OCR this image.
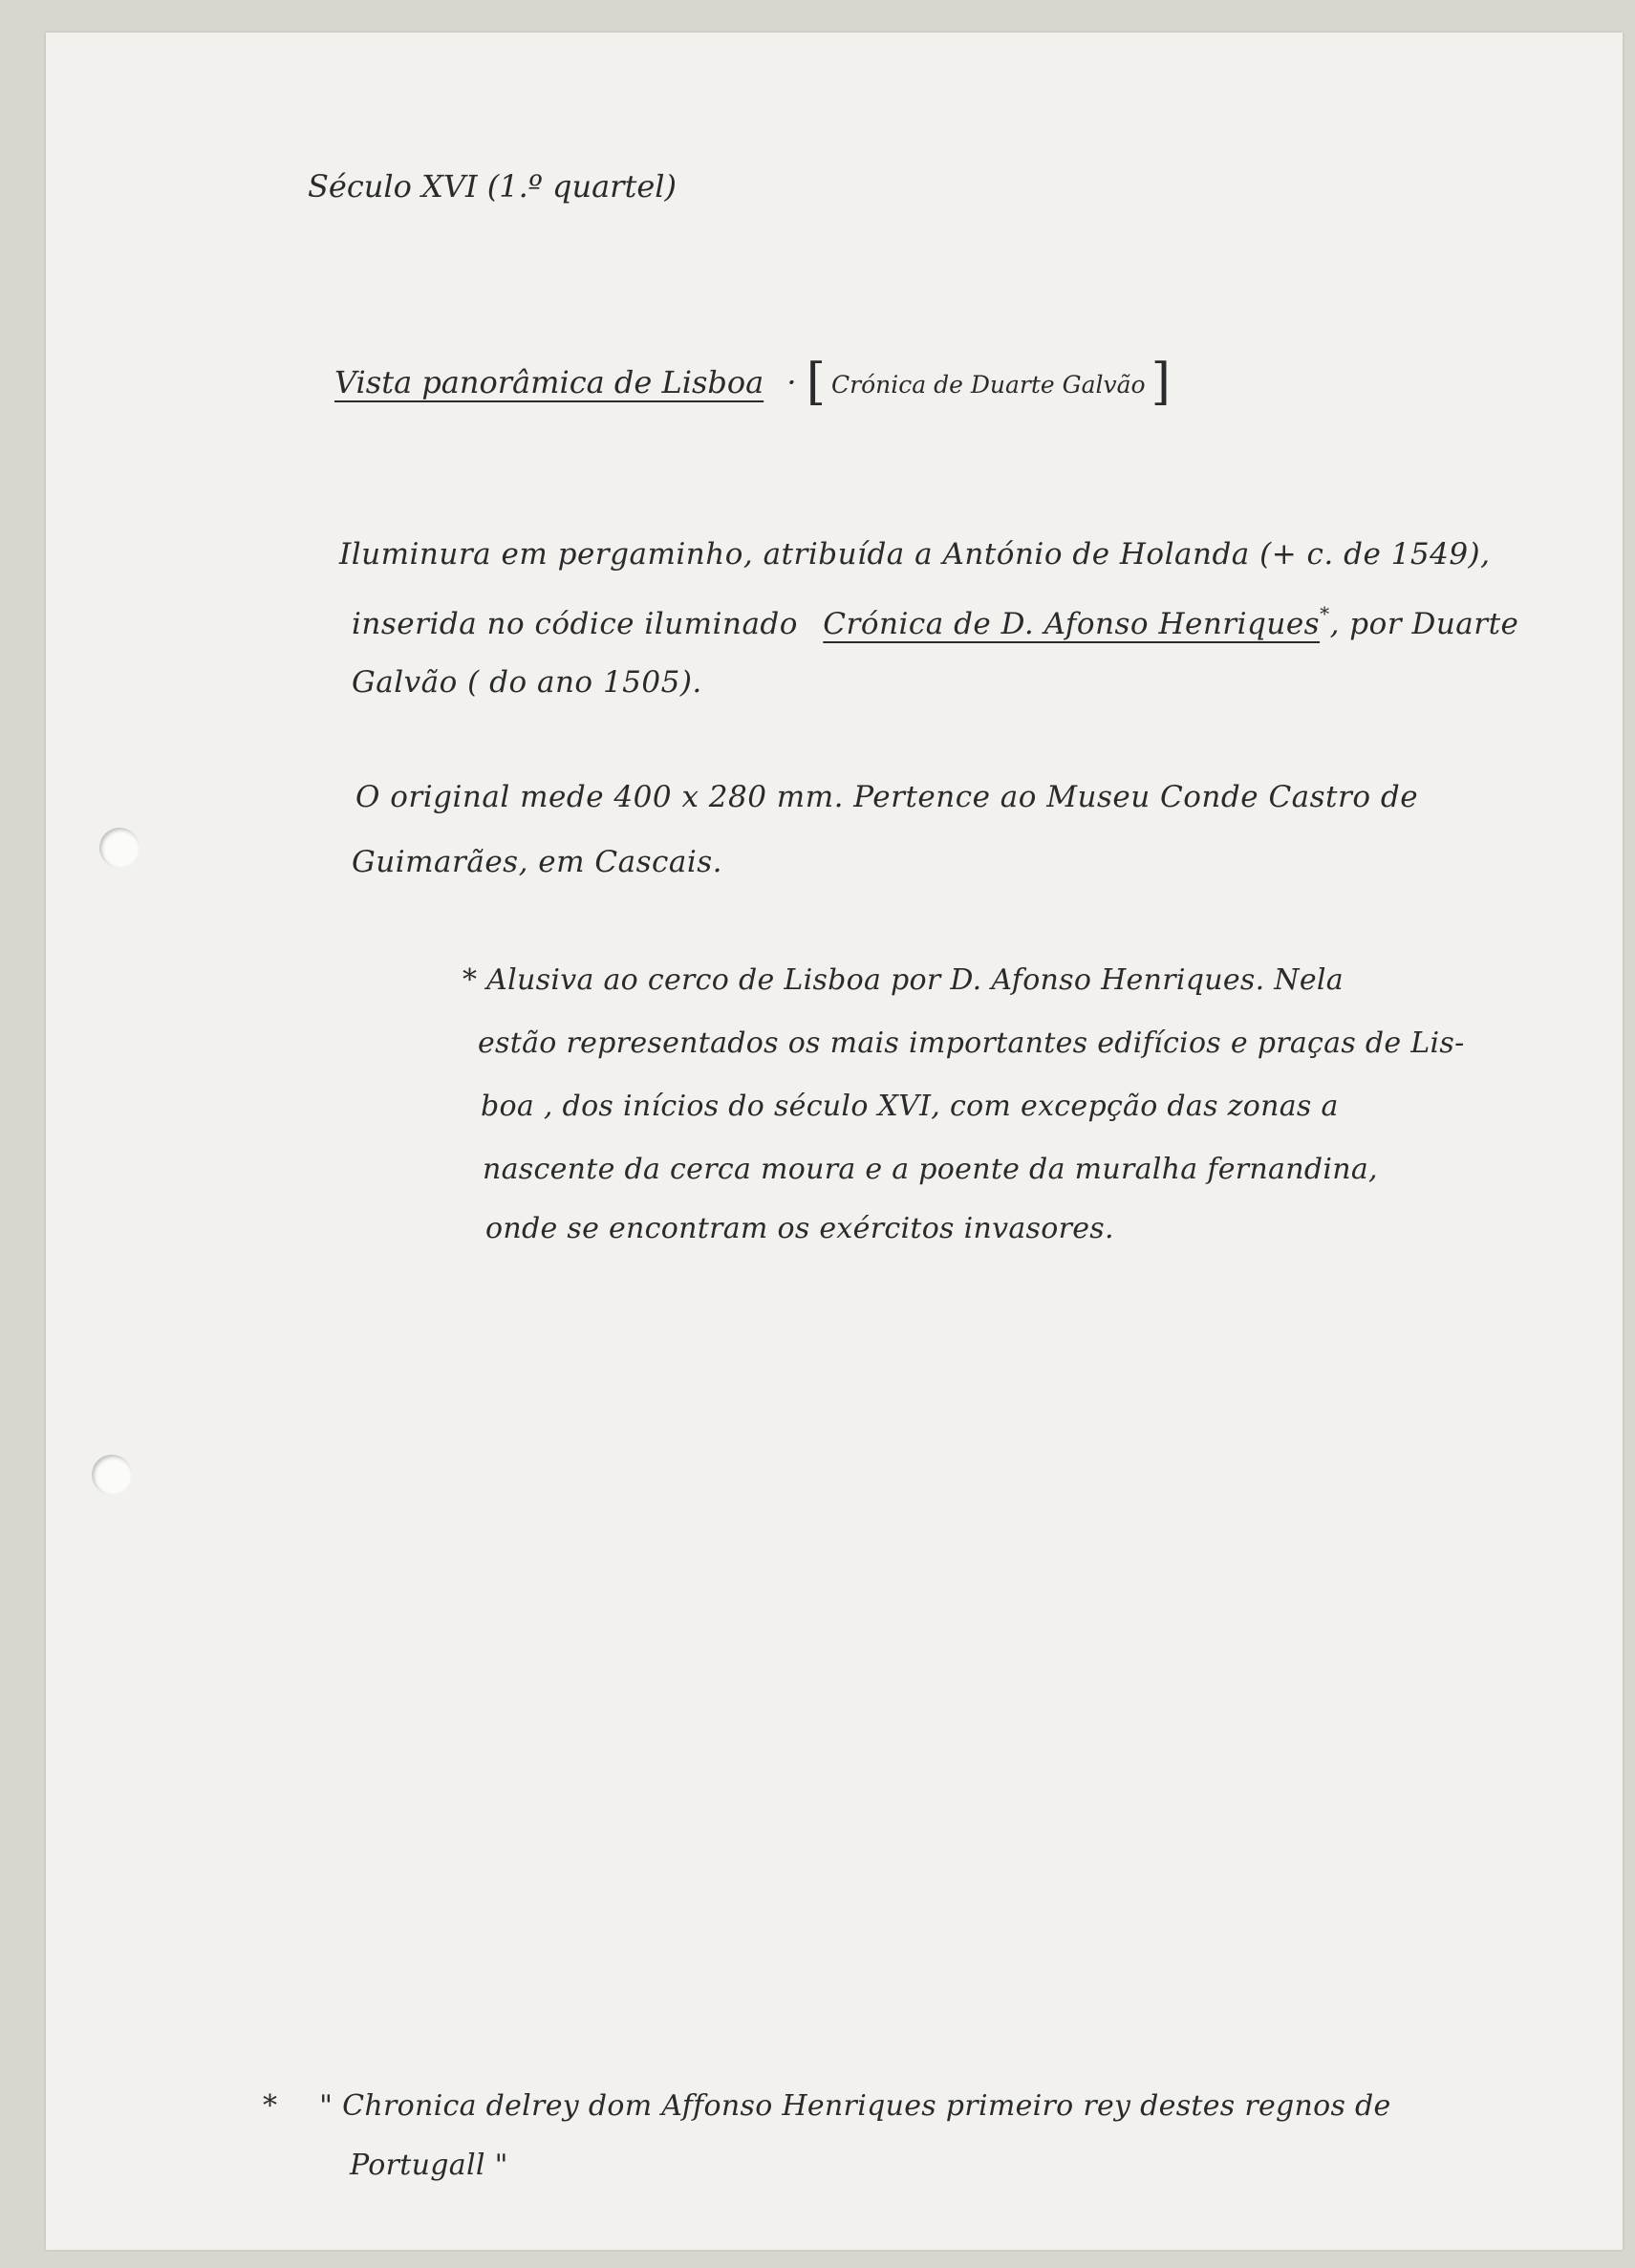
Século XVI (1.º quartel)
Vista panorâmica de Lisboa · [ Crónica de Duarte Galvão ]
Iluminura em pergaminho, atribuída a António de Holanda (+ c. de 1549),
inserida no códice iluminado Crónica de D. Afonso Henriques*, por Duarte
Galvão ( do ano 1505).
O original mede 400 x 280 mm. Pertence ao Museu Conde Castro de
Guimarães, em Cascais.
* Alusiva ao cerco de Lisboa por D. Afonso Henriques. Nela
estão representados os mais importantes edifícios e praças de Lis-
boa , dos inícios do século XVI, com excepção das zonas a
nascente da cerca moura e a poente da muralha fernandina,
onde se encontram os exércitos invasores.
* " Chronica delrey dom Affonso Henriques primeiro rey destes regnos de
Portugall "
